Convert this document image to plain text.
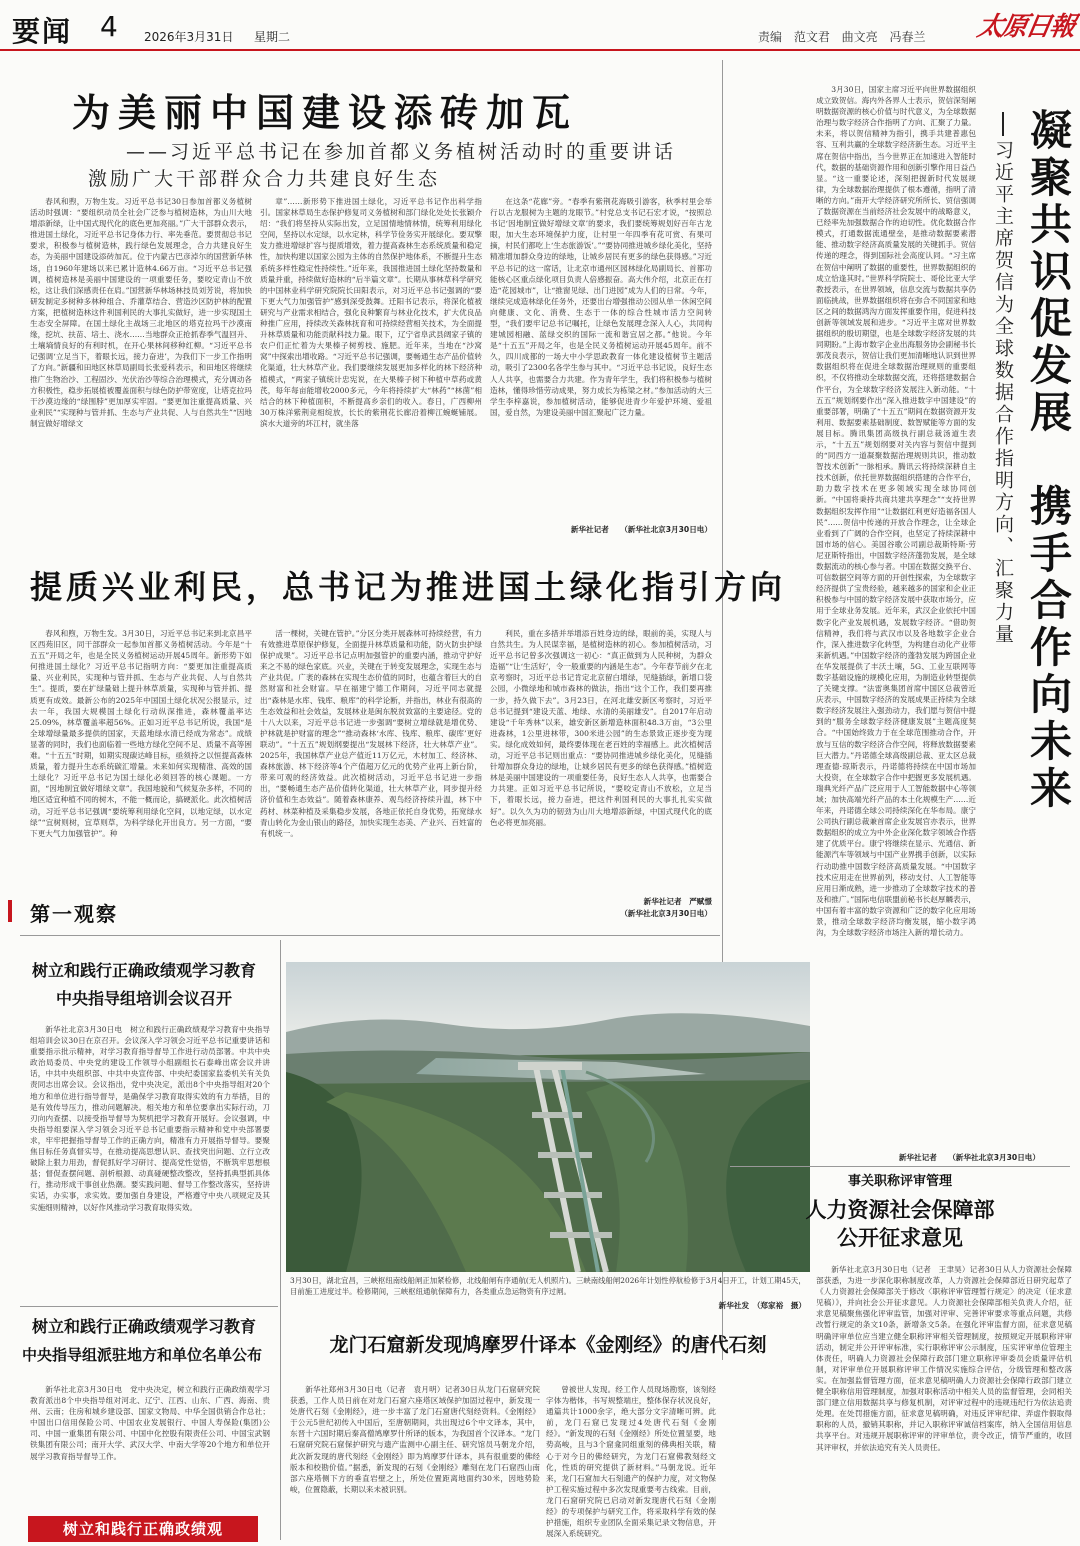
要闻 4 2026年3月31日 星期二	责编 范文君 曲文亮 冯春兰	太原日報
为美丽中国建设添砖加瓦
——习近平总书记在参加首都义务植树活动时的重要讲话
激励广大干部群众合力共建良好生态
春风和煦，万物生发。习近平总书记30日参加首都义务植树活动时强调：“要组织动员全社会广泛参与植树造林，为山川大地增添新绿，让中国式现代化的底色更加亮丽。”广大干部群众表示，推进国土绿化，习近平总书记身体力行、率先垂范。要贯彻总书记要求，积极参与植树造林，践行绿色发展理念，合力共建良好生态，为美丽中国建设添砖加瓦。位于内蒙古巴彦淖尔的国营新华林场，自1960年建场以来已累计造林4.66万亩。“习近平总书记强调，植树造林是美丽中国建设的一项重要任务，要咬定青山不放松，这让我们深感责任在肩。”国营新华林场林技员刘芳说，将加快研发制定多树种多林种组合、乔灌草结合、营造沙区防护林的配置方案，把植树造林这件利国利民的大事扎实做好，进一步实现国土生态安全屏障。在国土绿化主战场三北地区的塔克拉玛干沙漠南缘，挖坑、扶苗、培土、浇水……当地群众正抢抓春季气温回升、土壤墒情良好的有利时机，在开心果林间移种红柳。“习近平总书记强调‘立足当下，着眼长远，接力奋进’，为我们下一步工作指明了方向。”新疆和田地区林草局副局长张爱科表示，和田地区将继续推广生物治沙、工程固沙、光伏治沙等综合治理模式，充分调动各方积极性，稳步拓展植被覆盖面积与绿色防护带宽度，让塔克拉玛干沙漠边缘的“绿围脖”更加厚实牢固。“要更加注重提高质量、兴业利民”“实现种与管并抓、生态与产业共促、人与自然共生”“因地制宜做好增绿文
章”……新形势下推进国土绿化，习近平总书记作出科学指引。国家林草局生态保护修复司义务植树和部门绿化处处长张颖介绍：“我们将坚持从实际出发，立足国情地情林情，统筹利用绿化空间，坚持以水定绿，以水定林，科学节俭务实开展绿化。要双擎发力推进增绿扩容与提质增效，着力提高森林生态系统质量和稳定性，加快构建以国家公园为主体的自然保护地体系，不断提升生态系统多样性稳定性持续性。”近年来，我国推进国土绿化坚持数量和质量并重，持续做好造林的“后半篇文章”。长期从事林草科学研究的中国林业科学研究院院长田阳表示，对习近平总书记强调的“要下更大气力加强管护”感到深受鼓舞。迁阳书记表示，将深化植被研究与产业需求相结合，强化良种繁育与林业化技术，扩大优良品种推广应用，持续改关森林抚育和可持续经营相关技术，为全面提升林草质量和功能贡献科技力量。眼下，辽宁省阜武县阔家子镇的农户们正忙着为大果榛子树剪枝、施肥。近年来，当地在“沙窝窝”中探索出增收路。“习近平总书记强调，要畅通生态产品价值转化渠道，壮大林草产业。我们要继续发展更加多样化的林下经济种植模式，“两家子镇统计忠宪说，在大果榛子树下种植中草药或黄芪，每年每亩能增收2000多元，今年将持续扩大“林药”“林菌”相结合的林下种植面积，不断提高乡亲们的收入。春日，广西柳州30万株洋紫荆竞相绽放，长长的紫荆花长廊沿着柳江蜿蜒铺展。滨水大道旁的坏江村，就坐落
在这条“花廊”旁。“春季有紫荆花海吸引游客，秋季村里会举行以古龙服树为主题的龙眼节。”村党总支书记石宏才说，“按照总书记‘因地制宜做好增绿文章’的要求，我们要统筹规划好百年古龙眼，加大生态环境保护力度，让村里一年四季有花可赏、有果可摘，村民们都吃上‘生态旅游饭’。”“要协同推进城乡绿化美化，坚持精准增加群众身边的绿地，让城乡居民有更多的绿色获得感。”习近平总书记的这一席话，让北京市通州区园林绿化局副局长、首都功能核心区重点绿化项目负责人倍感振奋。高大伟介绍，北京正在打造“花园城市”，让“推窗见绿、出门进园”成为人们的日常。今年，继续完成造林绿化任务外，还要出台增强推动公园从单一休闲空间向健康、文化、消费、生态于一体的综合性城市活力空间转型，“我们要牢记总书记嘱托，让绿色发展理念深入人心，共同构建城园相融、蓝绿交织的国际一流和谐宜居之都。”他说。今年是“十五五”开局之年，也是全民义务植树运动开展45周年。前不久，四川成都的一场大中小学思政教育一体化建设植树节主题活动，吸引了2300名各学生参与其中。“习近平总书记说，良好生态人人共享，也需要合力共建。作为青年学生，我们将积极参与植树造林，懂得珍惜劳动成果，努力成长为栋梁之材。”参加活动的大三学生李梓嘉说，参加植树活动，能够促进青少年爱护环境、爱祖国，爱自然，为建设美丽中国汇聚起广泛力量。
新华社记者　　（新华社北京3月30日电）
3月30日，国家主席习近平向世界数据组织成立致贺信。海内外各界人士表示，贺信深刻阐明数据资源的核心价值与时代意义，为全球数据治理与数字经济合作指明了方向、汇聚了力量。未来，将以贺信精神为指引，携手共建普惠包容、互利共赢的全球数字经济新生态。习近平主席在贺信中指出，当今世界正在加速进入智能时代，数据的基础资源作用和创新引擎作用日益凸显。“这一重要论述，深刻把握新时代发展规律，为全球数据治理提供了根本遵循，指明了清晰的方向。”南开大学经济研究所所长、贸信强调了数据资源在当前经济社会发展中的战略意义，已经率先加强数据合作的迫切性。优化数据合作模式，打通数据流通壁垒，是推动数据要素潜能、推动数字经济高质量发展的关键抓手。贸信传递的理念，得到国际社会高度认同。“习主席在贺信中阐明了数据的重要性，世界数据组织的成立恰逢其时。”世界科学院院士、哥伦比亚大学教授表示，在世界领域，信息交流与数据共享仍面临挑战，世界数据组织将在弥合不同国家和地区之间的数据鸿沟方面发挥重要作用，促进科技创新等领域发展和进步。“习近平主席对世界数据组织的殷切期望，也是全球数字经济发展的共同期盼。”上海市数字企业出海服务协会副秘书长郭茂良表示，贺信让我们更加清晰地认识到世界数据组织将在促进全球数据治理规则的重要组织，不仅将推动全球数据交流，还将搭建数据合作平台，为全球数字经济发展注入新动能。“十五五”规划纲要作出“深入推进数字中国建设”的重要部署，明确了“十五五”期间在数据资源开发利用、数据要素基础制度、数智赋能等方面的发展目标。腾讯集团高级执行副总裁汤道生表示，“十五五”规划纲要对关内容与贺信中提到的“同西方一道凝聚数据治理规则共识，推动数智技术创新”一脉相承。腾讯云将持续深耕自主技术创新，依托世界数据组织搭建的合作平台，助力数字技术在更多领域实现全球协同创新。“中国将秉持共商共建共享理念”“支持世界数据组织发挥作用”“让数据红利更好造福各国人民”……贺信中传递的开放合作理念，让全球企业看到了广阔的合作空间，也坚定了持续深耕中国市场的信心。美国谷歌公司副总裁斯特斯·劳尼亚斯特指出，中国数字经济蓬勃发展，是全球数据流动的核心参与者。中国在数据交换平台、可信数据空间等方面的开创性探索，为全球数字经济提供了宝贵经验，越来越多的国家和企业正积极参与中国的数字经济发展中获取市场分，应用于全球业务发展。近年来，武汉企业依托中国数字化产业发展机遇，发展数字经济。“借助贺信精神，我们将与武汉市以及各地数字企业合作，深入推进数字化转型，为构建自动化产业带来新机遇。”中国数字经济的蓬勃发展为跨国企业在华发展提供了丰沃土壤，5G、工业互联网等数字基础设施的规模化应用，为制造业转型提供了关键支撑。“法雷奥集团首席中国区总裁曾近庆表示，中国数字经济的发展成果正持续为全球数字经济发展注入强劲动力，我们愿与贺信中提到的“服务全球数字经济健康发展”主题高度契合。“中国始终致力于在全球范围推动合作，开放与互信的数字经济合作空间，将释放数据要素巨大潜力。”丹诺德全球高级副总裁、亚太区总裁理查德·琼斯表示，丹诺德将持续在中国市场加大投资，在全球数字合作中把握更多发展机遇。瑞典光纤产品广泛应用于人工智能数据中心等领域；加快高端光纤产品的本土化规模生产……近年来，丹诺德全球公司持续深化在华布局。康宁公司执行副总裁兼首席企业发展官亦表示，世界数据组织的成立为中外企业深化数字领域合作搭建了优质平台。康宁将继续在显示、光通信、新能源汽车等领域与中国产业界携手创新，以实际行动助推中国数字经济高质量发展。“中国数字技术应用走在世界前列，移动支付、人工智能等应用日渐成熟，进一步推动了全球数字技术的普及和推广。”国际电信联盟前秘书长赵厚麟表示，中国有着丰富的数字资源和广泛的数字化应用场景，推动全球数字经济均衡发展，缩小数字鸿沟，为全球数字经济市场注入新的增长动力。
新华社记者　　（新华社北京3月30日电）
凝聚共识促发展　携手合作向未来
习近平主席贺信为全球数据合作指明方向、汇聚力量
提质兴业利民，总书记为推进国土绿化指引方向
春风和煦，万物生发。3月30日，习近平总书记来到北京昌平区西苑旧区，同干部群众一起参加首都义务植树活动。今年是“十五五”开局之年，也是全民义务植树运动开展45周年。新形势下如何推进国土绿化？习近平总书记指明方向：“要更加注重提高质量、兴业利民，实现种与管并抓、生态与产业共促、人与自然共生”。提质，要在扩绿量础上提升林草质量，实现种与管并抓、提质更有成效。最新公布的2025年中国国土绿化状况公报显示，过去一年，我国大规模国土绿化行动纵深推进，森林覆盖率达25.09%，林草覆盖率超56%。正如习近平总书记所说，我国“是全球增绿量最多提供的国家，天蓝地绿水清已经成为常态”。成绩显著的同时，我们也面临着一些地方绿化空间不足、质量不高等困难。“十五五”时期，如期实现碳达峰目标，亟须持之以恒提高森林质量，着力提升生态系统碳汇增量。未来如何实现精准、高效的国土绿化？习近平总书记为国土绿化必须回答的核心课题。一方面，“因地制宜做好增绿文章”。我国地貌和气候复杂多样，不同的地区适宜种植不同的树木，不能一概而论，搞硬派化。此次植树活动，习近平总书记强调“要统筹利用绿化空间，以地定绿，以水定绿”“宜树则树，宜草则草，为科学绿化开出良方。另一方面，“要下更大气力加强管护”。种
活一棵树，关键在管护。”分区分类开展森林可持续经营，有力有效推进草原保护修复，全面提升林草质量和功能，防火防虫护绿保护成果”。习近平总书记点明加强管护的重要内涵，推动守护好来之不易的绿色家底。兴业，关键在于转变发展理念，实现生态与产业共促。广袤的森林在实现生态价值的同时，也蕴含着巨大的自然财富和社会财富。早在福建宁德工作期间，习近平同志就提出“森林是水库、钱库、粮库”的科学论断，并指出，林业有很高的生态效益和社会效益，发展林业是闽东脱贫致富的主要途径。党的十八大以来，习近平总书记进一步强调“要树立增绿就是增优势、护林就是护财富的理念”“推动森林‘水库、钱库、粮库、碳库’更好联动”。“十五五”规划纲要提出“发展林下经济，壮大林草产业”。2025年，我国林草产业总产值近11万亿元，木材加工、经济林、森林旅游、林下经济等4个产值超万亿元的优势产业再上新台阶，带来可观的经济效益。此次植树活动，习近平总书记进一步指出，“要畅通生态产品价值转化渠道，壮大林草产业，同步提升经济价值和生态效益”。随着森林康养、观鸟经济持续升温，林下中药材、林菜种植及采集稳步发展，各地正依托自身优势，拓宽绿水青山转化为金山银山的路径，加快实现生态美、产业兴、百姓富的有机统一。
利民，重在多措并举增添百姓身边的绿，眼前的美，实现人与自然共生。为人民谋幸福，是植树造林的初心。参加植树活动，习近平总书记曾多次强调这一初心：“真正做到为人民种树，为群众造福”“让‘生活好’，令一般重要的内涵是生态”。今年春节前夕在北京考察时，习近平总书记肯定北京留白增绿，见缝插绿，新增口袋公园，小微绿地和城市森林的做法，指出“这个工作，我们要再推一步，持久做下去”。3月23日，在河北雄安新区考察时，习近平总书记提到“建设天蓝、地绿、水清的美丽雄安”。自2017年启动建设“千年秀林”以来，雄安新区新增造林面积48.3万亩，“3公里进森林，1公里进林带，300米进公园”的生态景致正逐步变为现实。绿化成效如何，最终要体现在老百姓的幸福感上。此次植树活动，习近平总书记则出重点：“要协同推进城乡绿化美化，见缝插针增加群众身边的绿地，让城乡居民有更多的绿色获得感。”植树造林是美丽中国建设的一项重要任务，良好生态人人共享，也需要合力共建。正如习近平总书记所说，“要咬定青山不放松，立足当下，着眼长远，接力奋进，把这件利国利民的大事扎扎实实做好”。以久久为功的韧劲为山川大地增添新绿，中国式现代化的底色必将更加亮丽。
新华社记者　严赋憬
（新华社北京3月30日电）
第一观察
树立和践行正确政绩观学习教育
中央指导组培训会议召开
新华社北京3月30日电　树立和践行正确政绩观学习教育中央指导组培训会议30日在京召开。会议深入学习领会习近平总书记重要讲话和重要指示批示精神，对学习教育指导督导工作进行动员部署。中共中央政治局委员、中央党的建设工作领导小组副组长石泰峰出席会议并讲话，中共中央组织部、中共中央宣传部、中央纪委国家监委机关有关负责同志出席会议。会议指出，党中央决定，派出8个中央指导组对20个地方和单位进行指导督导，是确保学习教育取得实效的有力举措，目的是有效传导压力，推动问题解决。相关地方和单位要拿出实际行动，刀刃向内查摆、以接受指导督导为契机把学习教育开展好。会议强调，中央指导组要深入学习领会习近平总书记重要指示精神和党中央部署要求，牢牢把握指导督导工作的正确方向，精准有力开展指导督导。要聚焦目标任务真督实导，在推动提高思想认识、查找突出问题、立行立改破除上狠力用劲，督促抓好学习研讨、提高党性觉悟，不断筑牢思想根基；督促查摆问题、剖析根源、动真碰硬整改整改，坚持抓典型抓具体行，推动形成干事创业热潮。要实践问题、督导工作整改落实，坚持讲实话，办实事，求实效。要加强自身建设，严格遵守中央八项规定及其实施细则精神，以好作风推动学习教育取得实效。
树立和践行正确政绩观学习教育
中央指导组派驻地方和单位名单公布
新华社北京3月30日电　党中央决定，树立和践行正确政绩观学习教育派出8个中央指导组对河北、辽宁、江西、山东、广西、海南、贵州、云南；住房和城乡建设部、国家文物局、中华全国供销合作总社；中国出口信用保险公司、中国农业发展银行、中国人寿保险(集团)公司、中国一重集团有限公司、中国中化控股有限责任公司、中国宝武钢铁集团有限公司；南开大学、武汉大学、中南大学等20个地方和单位开展学习教育指导督导工作。
树立和践行正确政绩观
3月30日，湖北宜昌，三峡枢纽南线船闸正加紧检修，北线船闸有序通航(无人机照片)。三峡南线船闸2026年计划性停航检修于3月4日开工，计划工期45天，目前施工进度过半。检修期间，三峡枢纽通航保障有力，各类重点急运物资有序过闸。
新华社发　（郑家裕　摄）
龙门石窟新发现鸠摩罗什译本《金刚经》的唐代石刻
新华社郑州3月30日电（记者　袁月明）记者30日从龙门石窟研究院获悉，工作人员日前在对龙门石窟六座塔区域保护加固过程中，新发现一处唐代石刻《金刚经》，进一步丰富了龙门石窟唐代刻经资料。《金刚经》于公元5世纪初传入中国后，至唐朝期间，共出现过6个中文译本，其中，东晋十六国时期后秦高僧鸠摩罗什所译的版本，为我国首个汉译本。“龙门石窟研究院石窟保护研究与遗产监测中心副主任、研究馆员马朝龙介绍，此次新发现的唐代刻经《金刚经》即为鸠摩罗什译本，具有很重要的佛经版本和校勘价值。”据悉，新发现的石刻《金刚经》雕刻在龙门石窟西山南部六座塔侧下方的垂直岩壁之上，所处位置距离地面约30米，因地势险峻，位置隐蔽，长期以来未被识别。
曾被世人发现。经工作人员现场勘察，该刻经字体为楷体，书写规整端庄，整体保存状况良好，通篇共计1000余字，绝大部分文字清晰可辨。此前，龙门石窟已发现过4处唐代石刻《金刚经》。“新发现的石刻《金刚经》所处位置显要，地势高峻，且与3个窟龛同组重刻的佛典相关联，精心于对今日的佛经研究，为龙门石窟佛教刻经文化，性质的研究提供了新材料。”马朝龙说。近年来，龙门石窟加大石刻遗产的保护力度，对文物保护工程实施过程中多次发现重要考古线索。目前，龙门石窟研究院已启动对新发现唐代石刻《金刚经》的专项保护与研究工作，将采取科学有效的保护措施，组织专业团队全面采集记录文物信息，开展深入系统研究。
事关职称评审管理
人力资源社会保障部
公开征求意见
新华社北京3月30日电（记者　王聿昊）记者30日从人力资源社会保障部获悉，为进一步深化职称制度改革，人力资源社会保障部近日研究起草了《人力资源社会保障部关于修改〈职称评审管理暂行规定〉的决定（征求意见稿）》，并向社会公开征求意见。人力资源社会保障部相关负责人介绍，征求意见稿聚焦强化评审监管，加强对评审、完善评审要求等重点问题，共修改暂行规定的条文10条，新增条文5条。在强化评审监督方面，征求意见稿明确评审单位应当建立健全职称评审相关管理制度，按照规定开展职称评审活动，制定并公开评审标准，实行职称评审公示制度，压实评审单位管理主体责任，明确人力资源社会保障行政部门建立职称评审委员会质量评估机制，对评审单位开展职称评审工作情况实施综合评估，分级管理和整改落实。在加强监督管理方面，征求意见稿明确人力资源社会保障行政部门建立健全职称信用管理制度，加强对职称活动中相关人员的监督管理，会同相关部门建立信用数据共享与修复机制，对评审过程中的违规违纪行为依法追责处理。在处罚措施方面，征求意见稿明确，对违反评审纪律、弄虚作假取得职称的人员，撤销其职称，并记入职称评审诚信档案库，纳入全国信用信息共享平台。对违规开展职称评审的评审单位，责令改正，情节严重的，收回其评审权，并依法追究有关人员责任。
